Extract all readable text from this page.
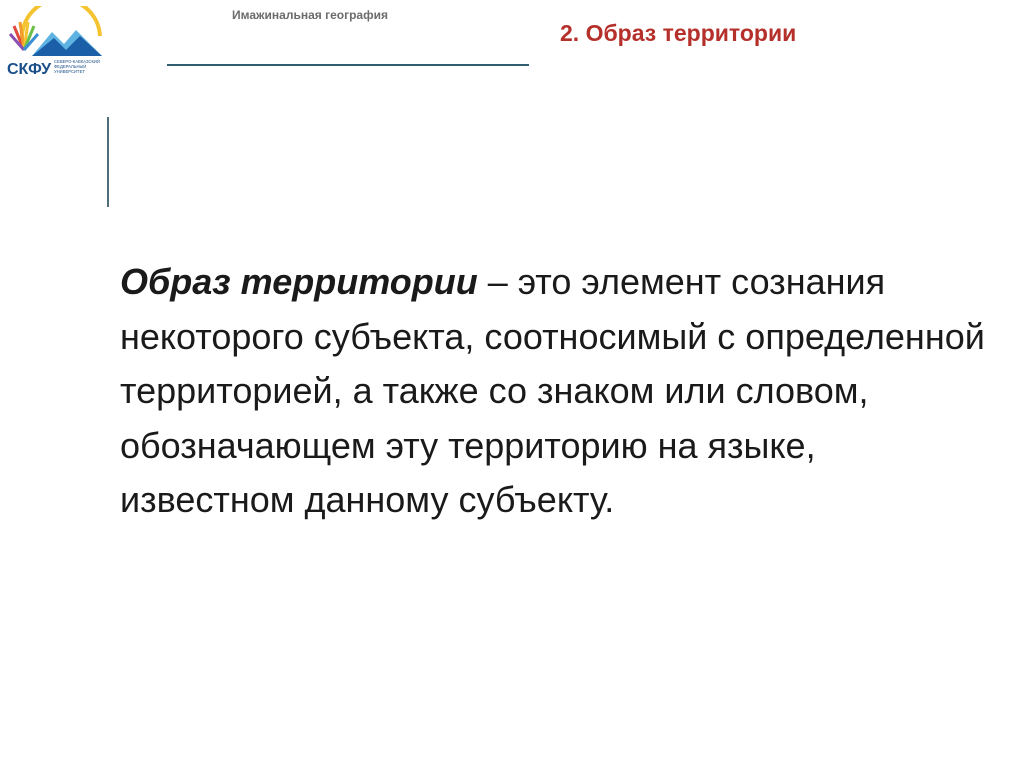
СКФУ СЕВЕРО-КАВКАЗСКИЙ
ФЕДЕРАЛЬНЫЙ
УНИВЕРСИТЕТ
Имажинальная география
2. Образ территории

Образ территории – это элемент сознания некоторого субъекта, соотносимый с определенной территорией, а также со знаком или словом, обозначающем эту территорию на языке, известном данному субъекту.
